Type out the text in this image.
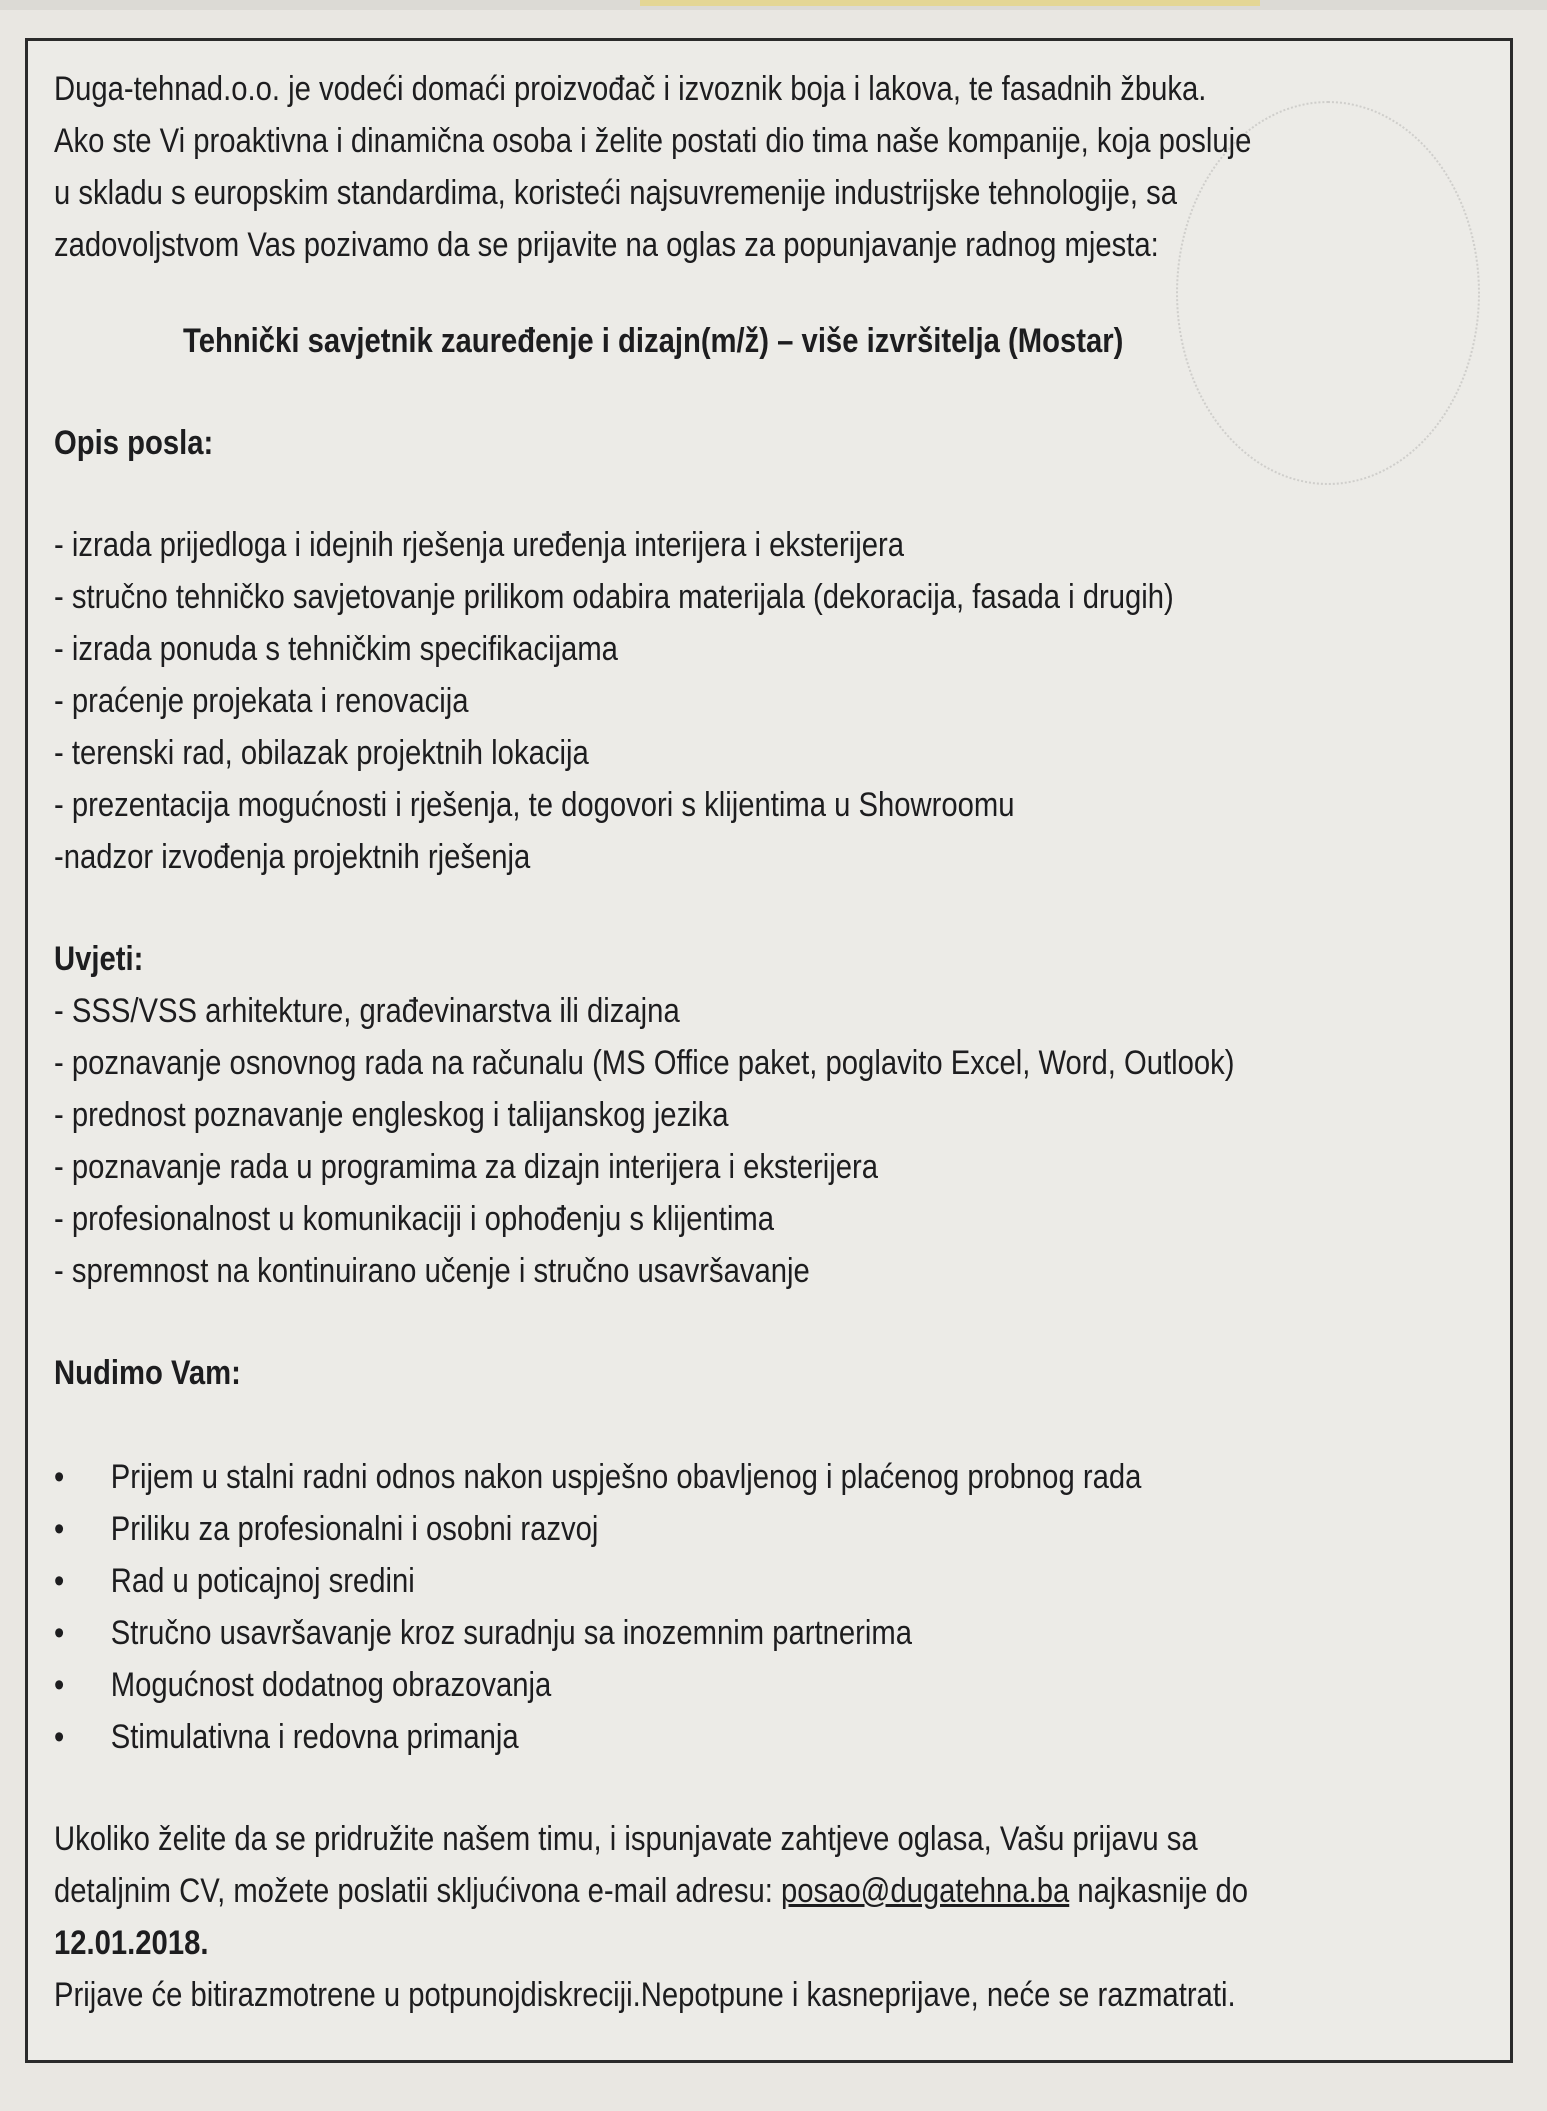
Duga-tehnad.o.o. je vodeći domaći proizvođač i izvoznik boja i lakova, te fasadnih žbuka.

Ako ste Vi proaktivna i dinamična osoba i želite postati dio tima naše kompanije, koja posluje

u skladu s europskim standardima, koristeći najsuvremenije industrijske tehnologije, sa

zadovoljstvom Vas pozivamo da se prijavite na oglas za popunjavanje radnog mjesta:

Tehnički savjetnik zauređenje i dizajn(m/ž) – više izvršitelja (Mostar)

Opis posla:

- izrada prijedloga i idejnih rješenja uređenja interijera i eksterijera

- stručno tehničko savjetovanje prilikom odabira materijala (dekoracija, fasada i drugih)

- izrada ponuda s tehničkim specifikacijama

- praćenje projekata i renovacija

- terenski rad, obilazak projektnih lokacija

- prezentacija mogućnosti i rješenja, te dogovori s klijentima u Showroomu

-nadzor izvođenja projektnih rješenja

Uvjeti:

- SSS/VSS arhitekture, građevinarstva ili dizajna

- poznavanje osnovnog rada na računalu (MS Office paket, poglavito Excel, Word, Outlook)

- prednost poznavanje engleskog i talijanskog jezika

- poznavanje rada u programima za dizajn interijera i eksterijera

- profesionalnost u komunikaciji i ophođenju s klijentima

- spremnost na kontinuirano učenje i stručno usavršavanje

Nudimo Vam:

• Prijem u stalni radni odnos nakon uspješno obavljenog i plaćenog probnog rada
• Priliku za profesionalni i osobni razvoj
• Rad u poticajnoj sredini
• Stručno usavršavanje kroz suradnju sa inozemnim partnerima
• Mogućnost dodatnog obrazovanja
• Stimulativna i redovna primanja

Ukoliko želite da se pridružite našem timu, i ispunjavate zahtjeve oglasa, Vašu prijavu sa

detaljnim CV, možete poslatii skljućivona e-mail adresu: posao@dugatehna.ba najkasnije do

12.01.2018.

Prijave će bitirazmotrene u potpunojdiskreciji.Nepotpune i kasneprijave, neće se razmatrati.
